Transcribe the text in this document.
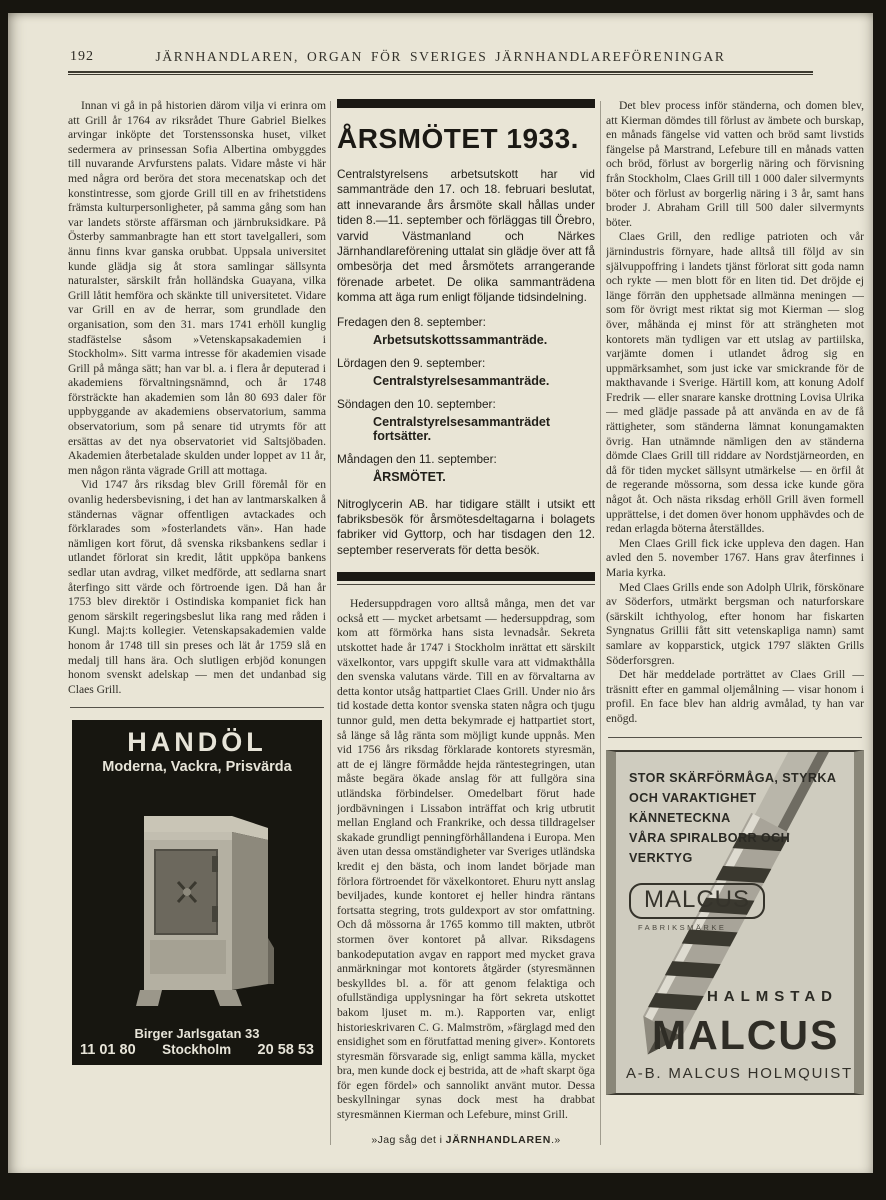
192	JÄRNHANDLAREN, ORGAN FÖR SVERIGES JÄRNHANDLAREFÖRENINGAR

Innan vi gå in på historien därom vilja vi erinra om att Grill år 1764 av riksrådet Thure Gabriel Bielkes arvingar inköpte det Torstenssonska huset, vilket sedermera av prinsessan Sofia Albertina ombyggdes till nuvarande Arvfurstens palats. Vidare måste vi här med några ord beröra det stora mecenatskap och det konstintresse, som gjorde Grill till en av frihetstidens främsta kulturpersonligheter, på samma gång som han var landets störste affärsman och järnbruksidkare. På Österby sammanbragte han ett stort tavelgalleri, som ännu finns kvar ganska orubbat. Uppsala universitet kunde glädja sig åt stora samlingar sällsynta naturalster, särskilt från holländska Guayana, vilka Grill låtit hemföra och skänkte till universitetet. Vidare var Grill en av de herrar, som grundlade den organisation, som den 31. mars 1741 erhöll kunglig stadfästelse såsom »Vetenskapsakademien i Stockholm». Sitt varma intresse för akademien visade Grill på många sätt; han var bl. a. i flera år deputerad i akademiens förvaltningsnämnd, och år 1748 försträckte han akademien som lån 80 693 daler för uppbyggande av akademiens observatorium, samma observatorium, som på senare tid utrymts för att ersättas av det nya observatoriet vid Saltsjöbaden. Akademien återbetalade skulden under loppet av 11 år, men någon ränta vägrade Grill att mottaga.

Vid 1747 års riksdag blev Grill föremål för en ovanlig hedersbevisning, i det han av lantmarskalken å ständernas vägnar offentligen avtackades och förklarades som »fosterlandets vän». Han hade nämligen kort förut, då svenska riksbankens sedlar i utlandet förlorat sin kredit, låtit uppköpa bankens sedlar utan avdrag, vilket medförde, att sedlarna snart återfingo sitt värde och förtroende igen. Då han år 1753 blev direktör i Ostindiska kompaniet fick han genom särskilt regeringsbeslut lika rang med råden i Kungl. Maj:ts kollegier. Vetenskapsakademien valde honom år 1748 till sin preses och lät år 1759 slå en medalj till hans ära. Och slutligen erbjöd konungen honom svenskt adelskap — men det undanbad sig Claes Grill.

HANDÖL
Moderna, Vackra, Prisvärda
Birger Jarlsgatan 33
11 01 80 Stockholm 20 58 53
ÅRSMÖTET 1933.
Centralstyrelsens arbetsutskott har vid sammanträde den 17. och 18. februari beslutat, att innevarande års årsmöte skall hållas under tiden 8.—11. september och förläggas till Örebro, varvid Västmanland och Närkes Järnhandlareförening uttalat sin glädje över att få ombesörja det med årsmötets arrangerande förenade arbetet. De olika sammanträdena komma att äga rum enligt följande tidsindelning.
Fredagen den 8. september:
Arbetsutskottssammanträde.
Lördagen den 9. september:
Centralstyrelsesammanträde.
Söndagen den 10. september:
Centralstyrelsesammanträdet fortsätter.
Måndagen den 11. september:
ÅRSMÖTET.
Nitroglycerin AB. har tidigare ställt i utsikt ett fabriksbesök för årsmötesdeltagarna i bolagets fabriker vid Gyttorp, och har tisdagen den 12. september reserverats för detta besök.

Hedersuppdragen voro alltså många, men det var också ett — mycket arbetsamt — hedersuppdrag, som kom att förmörka hans sista levnadsår. Sekreta utskottet hade år 1747 i Stockholm inrättat ett särskilt växelkontor, vars uppgift skulle vara att vidmakthålla den svenska valutans värde. Till en av förvaltarna av detta kontor utsåg hattpartiet Claes Grill. Under nio års tid kostade detta kontor svenska staten några och tjugu tunnor guld, men detta bekymrade ej hattpartiet stort, så länge så låg ränta som möjligt kunde uppnås. Men vid 1756 års riksdag förklarade kontorets styresmän, att de ej längre förmådde hejda räntestegringen, utan måste begära ökade anslag för att fullgöra sina utländska förbindelser. Omedelbart förut hade jordbävningen i Lissabon inträffat och krig utbrutit mellan England och Frankrike, och dessa tilldragelser skakade grundligt penningförhållandena i Europa. Men även utan dessa omständigheter var Sveriges utländska kredit ej den bästa, och inom landet började man förlora förtroendet för växelkontoret. Ehuru nytt anslag beviljades, kunde kontoret ej heller hindra räntans fortsatta stegring, trots guldexport av stor omfattning. Och då mössorna år 1765 kommo till makten, utbröt stormen över kontoret på allvar. Riksdagens bankodeputation avgav en rapport med mycket grava anmärkningar mot kontorets åtgärder (styresmännen beskylldes bl. a. för att genom felaktiga och ofullständiga upplysningar ha fört sekreta utskottet bakom ljuset m. m.). Rapporten var, enligt historieskrivaren C. G. Malmström, »färglagd med den ensidighet som en förutfattad mening giver». Kontorets styresmän försvarade sig, enligt samma källa, mycket bra, men kunde dock ej bestrida, att de »haft skarpt öga för egen fördel» och sannolikt använt mutor. Dessa beskyllningar synas dock mest ha drabbat styresmännen Kierman och Lefebure, minst Grill.

»Jag såg det i JÄRNHANDLAREN.»

Det blev process inför ständerna, och domen blev, att Kierman dömdes till förlust av ämbete och burskap, en månads fängelse vid vatten och bröd samt livstids fängelse på Marstrand, Lefebure till en månads vatten och bröd, förlust av borgerlig näring och förvisning från Stockholm, Claes Grill till 1 000 daler silvermynts böter och förlust av borgerlig näring i 3 år, samt hans broder J. Abraham Grill till 500 daler silvermynts böter.

Claes Grill, den redlige patrioten och vår järnindustris förnyare, hade alltså till följd av sin självuppoffring i landets tjänst förlorat sitt goda namn och rykte — men blott för en liten tid. Det dröjde ej länge förrän den upphetsade allmänna meningen — som för övrigt mest riktat sig mot Kierman — slog över, måhända ej minst för att strängheten mot kontorets män tydligen var ett utslag av partiilska, varjämte domen i utlandet ådrog sig en uppmärksamhet, som just icke var smickrande för de makthavande i Sverige. Härtill kom, att konung Adolf Fredrik — eller snarare kanske drottning Lovisa Ulrika — med glädje passade på att använda en av de få rättigheter, som ständerna lämnat konungamakten övrig. Han utnämnde nämligen den av ständerna dömde Claes Grill till riddare av Nordstjärneorden, en då för tiden mycket sällsynt utmärkelse — en örfil åt de regerande mössorna, som dessa icke kunde göra något åt. Och nästa riksdag erhöll Grill även formell upprättelse, i det domen över honom upphävdes och de redan erlagda böterna återställdes.

Men Claes Grill fick icke uppleva den dagen. Han avled den 5. november 1767. Hans grav återfinnes i Maria kyrka.

Med Claes Grills ende son Adolph Ulrik, förskönare av Söderfors, utmärkt bergsman och naturforskare (särskilt ichthyolog, efter honom har fiskarten Syngnatus Grillii fått sitt vetenskapliga namn) samt samlare av kopparstick, utgick 1797 släkten Grills Söderforsgren.

Det här meddelade porträttet av Claes Grill — träsnitt efter en gammal oljemålning — visar honom i profil. En face blev han aldrig avmålad, ty han var enögd.

STOR SKÄRFÖRMÅGA, STYRKA
OCH VARAKTIGHET KÄNNETECKNA
VÅRA SPIRALBORR OCH VERKTYG
MALCUS
FABRIKSMÄRKE
HALMSTAD
MALCUS
A-B. MALCUS HOLMQUIST
